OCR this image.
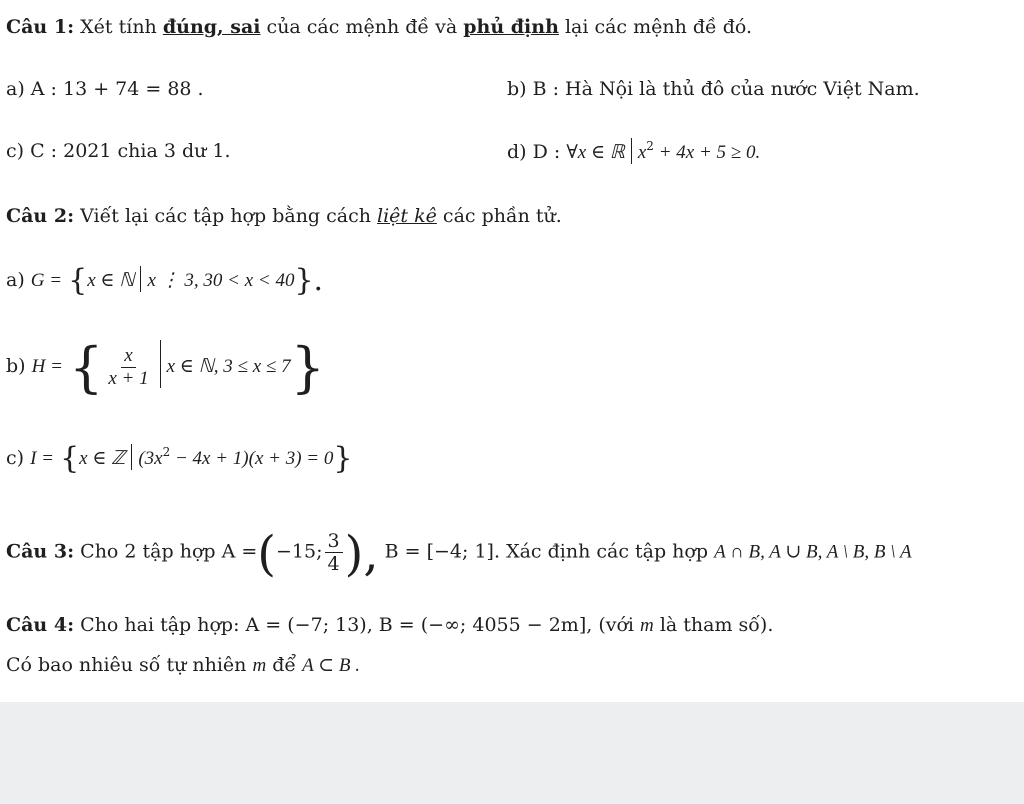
Câu 1: Xét tính đúng, sai của các mệnh đề và phủ định lại các mệnh đề đó.
a) A : 13 + 74 = 88 .	b) B : Hà Nội là thủ đô của nước Việt Nam.
c) C : 2021 chia 3 dư 1.	d) D : ∀x ∈ ℝ $x^2 + 4x + 5 \ge 0$.
Câu 2: Viết lại các tập hợp bằng cách liệt kê các phần tử.
a) G = {x ∈ ℕ x ⋮ 3, 30 < x < 40}.
b) H = { $\frac{x}{x + 1}$ x ∈ ℕ, 3 ≤ x ≤ 7}
c) I = {x ∈ ℤ $(3x^2 - 4x + 1)(x + 3) = 0$}
Câu 3: Cho 2 tập hợp A =(−15; $\frac{3}{4}$ ), B = [−4; 1]. Xác định các tập hợp A ∩ B, A ∪ B, A \ B, B \ A
Câu 4: Cho hai tập hợp: A = (−7; 13), B = (−∞; 4055 − 2m], (với m là tham số).
Có bao nhiêu số tự nhiên m để A ⊂ B .
